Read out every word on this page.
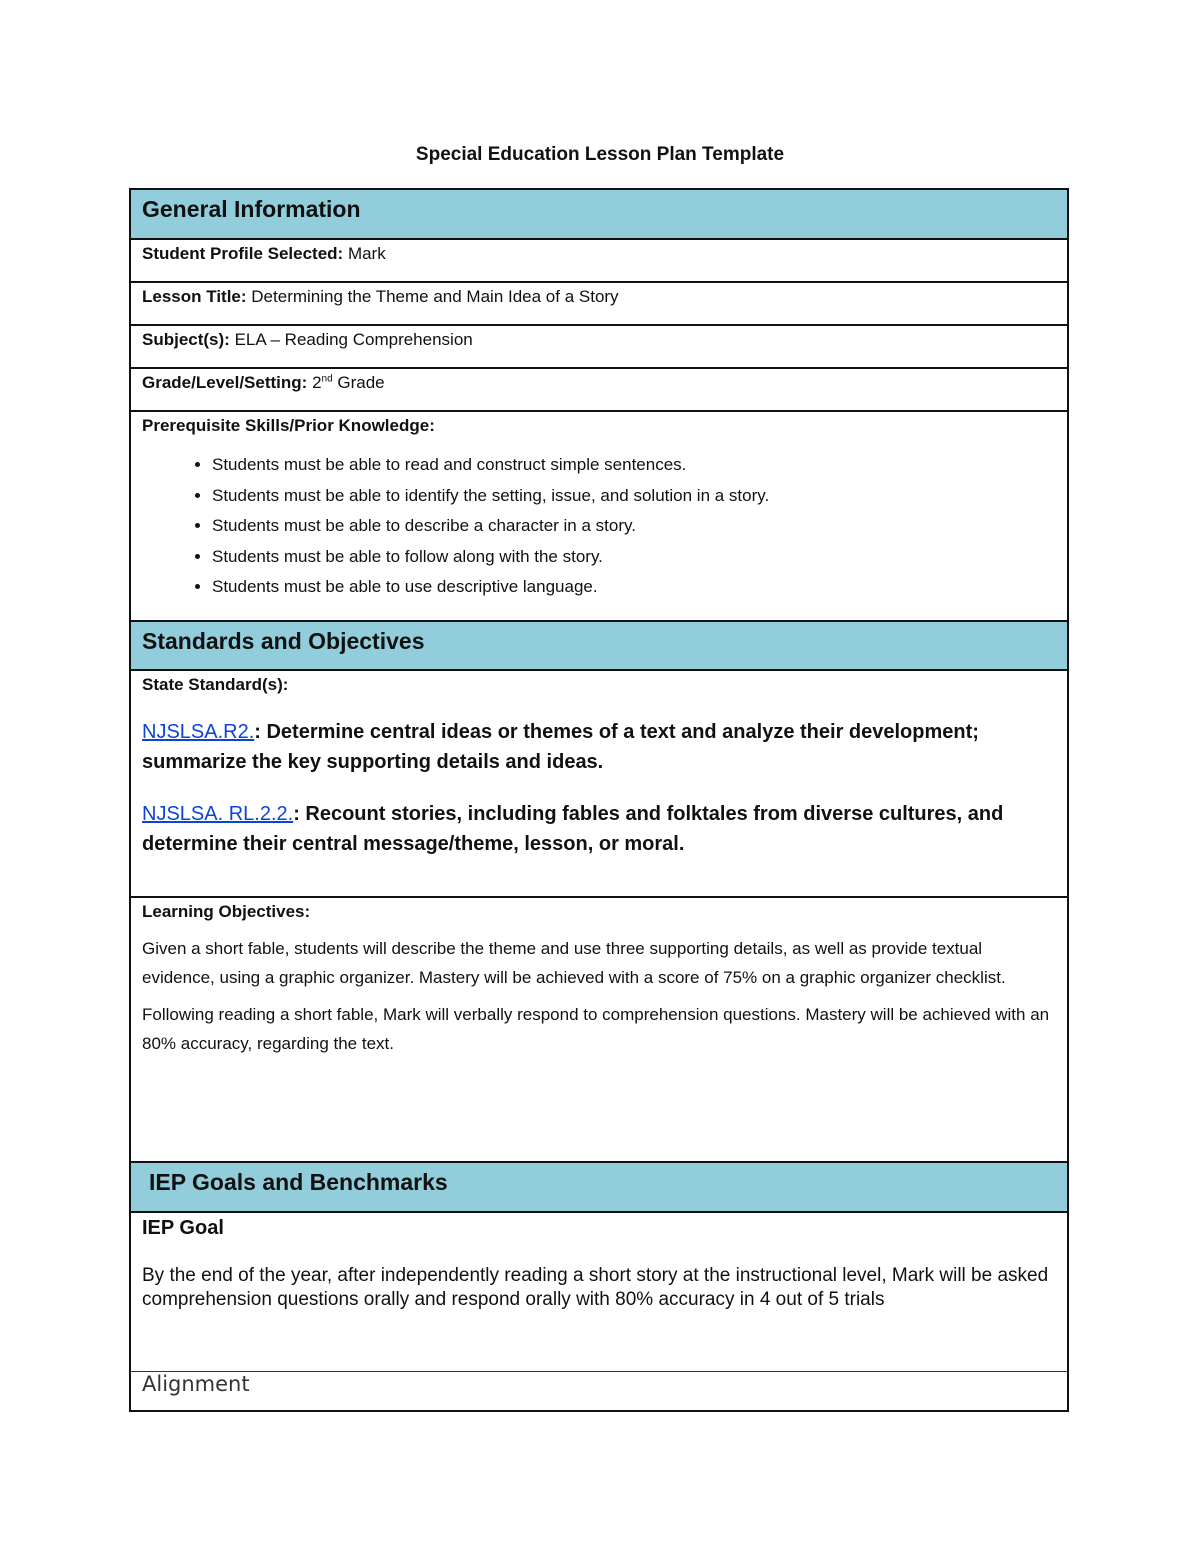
Special Education Lesson Plan Template
General Information
Student Profile Selected: Mark
Lesson Title: Determining the Theme and Main Idea of a Story
Subject(s): ELA – Reading Comprehension
Grade/Level/Setting: 2nd Grade
Prerequisite Skills/Prior Knowledge:
• Students must be able to read and construct simple sentences.
• Students must be able to identify the setting, issue, and solution in a story.
• Students must be able to describe a character in a story.
• Students must be able to follow along with the story.
• Students must be able to use descriptive language.
Standards and Objectives
State Standard(s):
NJSLSA.R2.: Determine central ideas or themes of a text and analyze their development; summarize the key supporting details and ideas.
NJSLSA. RL.2.2.: Recount stories, including fables and folktales from diverse cultures, and determine their central message/theme, lesson, or moral.
Learning Objectives:

Given a short fable, students will describe the theme and use three supporting details, as well as provide textual evidence, using a graphic organizer. Mastery will be achieved with a score of 75% on a graphic organizer checklist.

Following reading a short fable, Mark will verbally respond to comprehension questions. Mastery will be achieved with an 80% accuracy, regarding the text.

IEP Goals and Benchmarks
IEP Goal

By the end of the year, after independently reading a short story at the instructional level, Mark will be asked comprehension questions orally and respond orally with 80% accuracy in 4 out of 5 trials

Alignment
